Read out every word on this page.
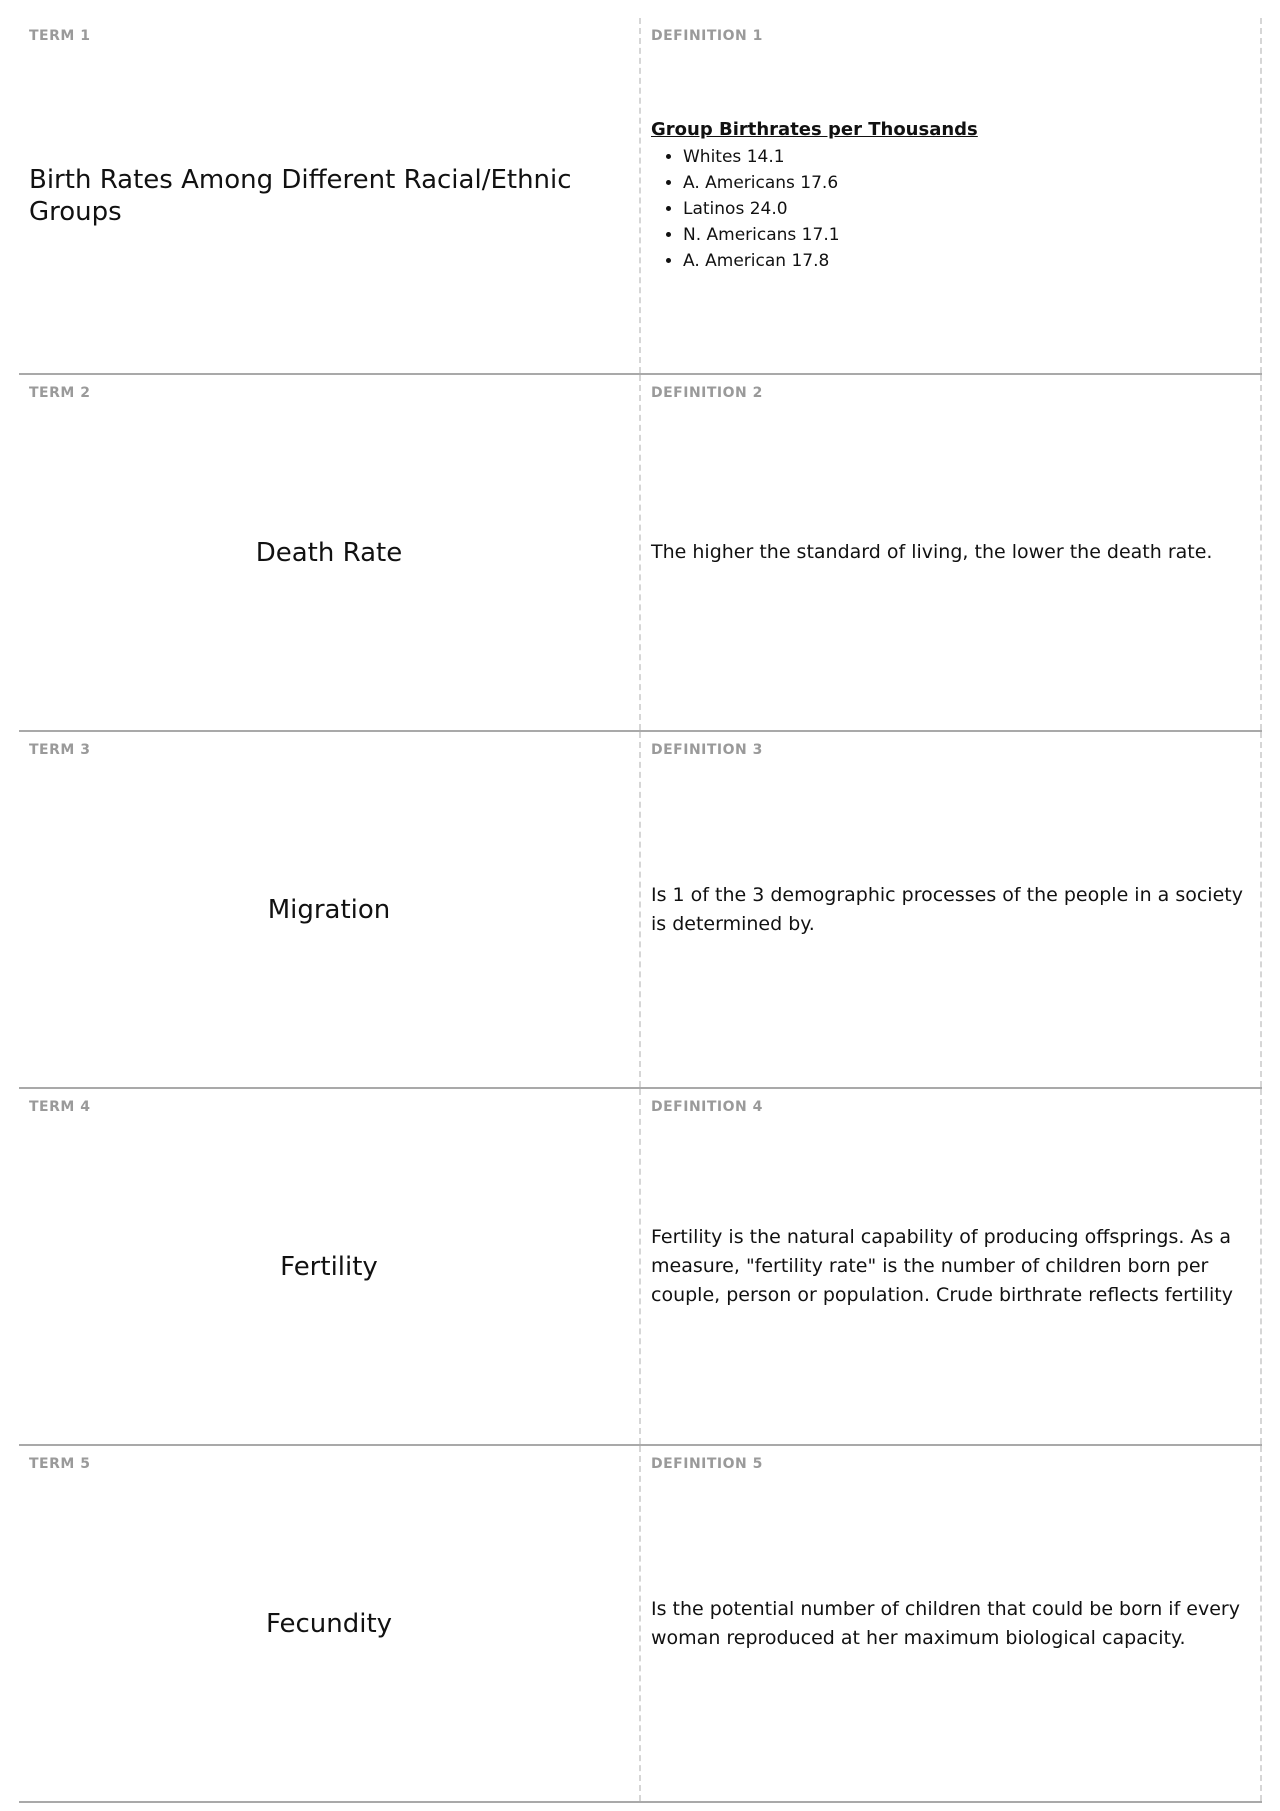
TERM 1
Birth Rates Among Different Racial/Ethnic Groups
DEFINITION 1
Group Birthrates per Thousands
• Whites 14.1
• A. Americans 17.6
• Latinos 24.0
• N. Americans 17.1
• A. American 17.8
TERM 2
Death Rate
DEFINITION 2
The higher the standard of living, the lower the death rate.
TERM 3
Migration
DEFINITION 3
Is 1 of the 3 demographic processes of the people in a society is determined by.
TERM 4
Fertility
DEFINITION 4
Fertility is the natural capability of producing offsprings. As a measure, "fertility rate" is the number of children born per couple, person or population. Crude birthrate reflects fertility
TERM 5
Fecundity
DEFINITION 5
Is the potential number of children that could be born if every woman reproduced at her maximum biological capacity.
